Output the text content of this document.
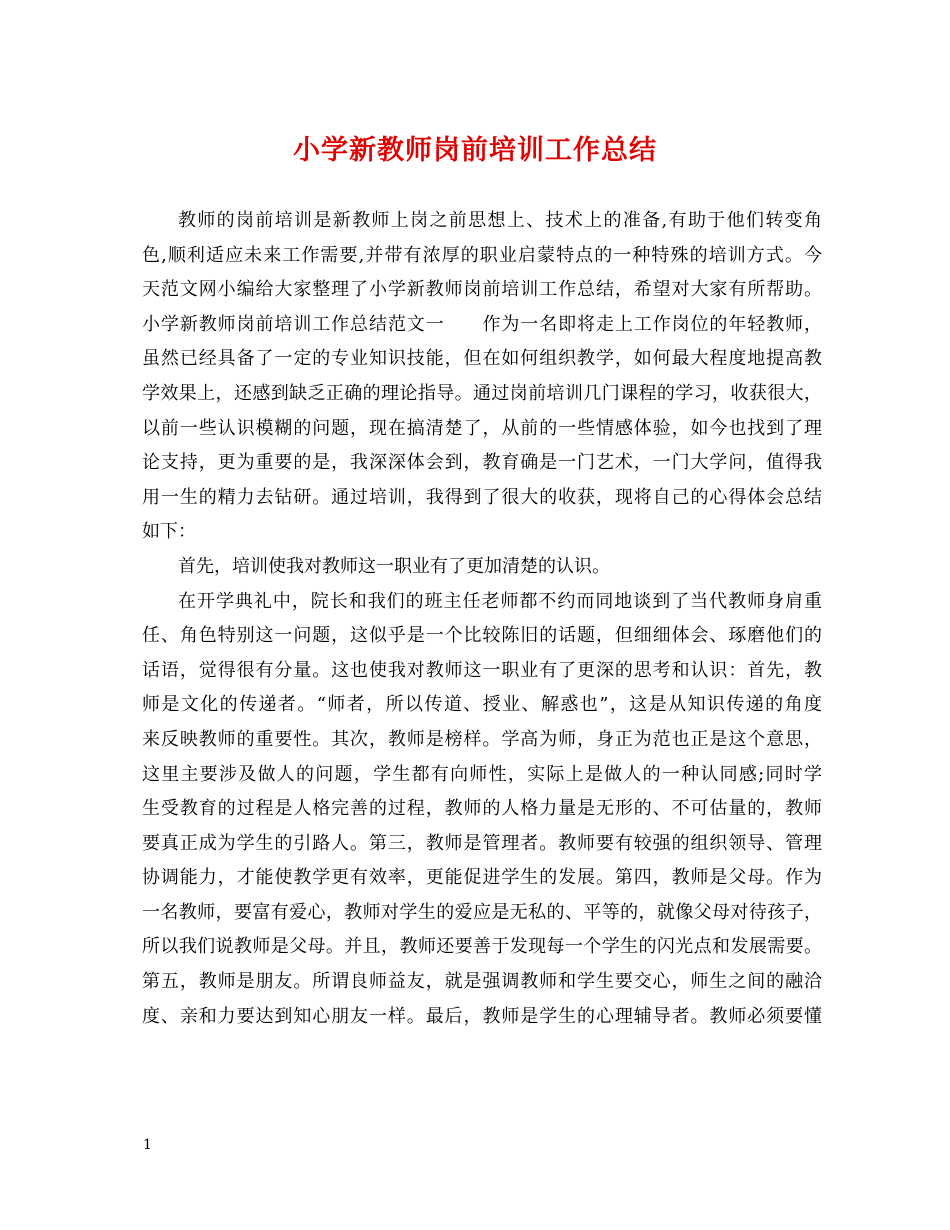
小学新教师岗前培训工作总结
教师的岗前培训是新教师上岗之前思想上、技术上的准备,有助于他们转变角
色,顺利适应未来工作需要,并带有浓厚的职业启蒙特点的一种特殊的培训方式。今
天范文网小编给大家整理了小学新教师岗前培训工作总结，希望对大家有所帮助。
小学新教师岗前培训工作总结范文一　　作为一名即将走上工作岗位的年轻教师，
虽然已经具备了一定的专业知识技能，但在如何组织教学，如何最大程度地提高教
学效果上，还感到缺乏正确的理论指导。通过岗前培训几门课程的学习，收获很大，
以前一些认识模糊的问题，现在搞清楚了，从前的一些情感体验，如今也找到了理
论支持，更为重要的是，我深深体会到，教育确是一门艺术，一门大学问，值得我
用一生的精力去钻研。通过培训，我得到了很大的收获，现将自己的心得体会总结
如下：
首先，培训使我对教师这一职业有了更加清楚的认识。
在开学典礼中，院长和我们的班主任老师都不约而同地谈到了当代教师身肩重
任、角色特别这一问题，这似乎是一个比较陈旧的话题，但细细体会、琢磨他们的
话语，觉得很有分量。这也使我对教师这一职业有了更深的思考和认识：首先，教
师是文化的传递者。“师者，所以传道、授业、解惑也”，这是从知识传递的角度
来反映教师的重要性。其次，教师是榜样。学高为师，身正为范也正是这个意思，
这里主要涉及做人的问题，学生都有向师性，实际上是做人的一种认同感;同时学
生受教育的过程是人格完善的过程，教师的人格力量是无形的、不可估量的，教师
要真正成为学生的引路人。第三，教师是管理者。教师要有较强的组织领导、管理
协调能力，才能使教学更有效率，更能促进学生的发展。第四，教师是父母。作为
一名教师，要富有爱心，教师对学生的爱应是无私的、平等的，就像父母对待孩子，
所以我们说教师是父母。并且，教师还要善于发现每一个学生的闪光点和发展需要。
第五，教师是朋友。所谓良师益友，就是强调教师和学生要交心，师生之间的融洽
度、亲和力要达到知心朋友一样。最后，教师是学生的心理辅导者。教师必须要懂
1
